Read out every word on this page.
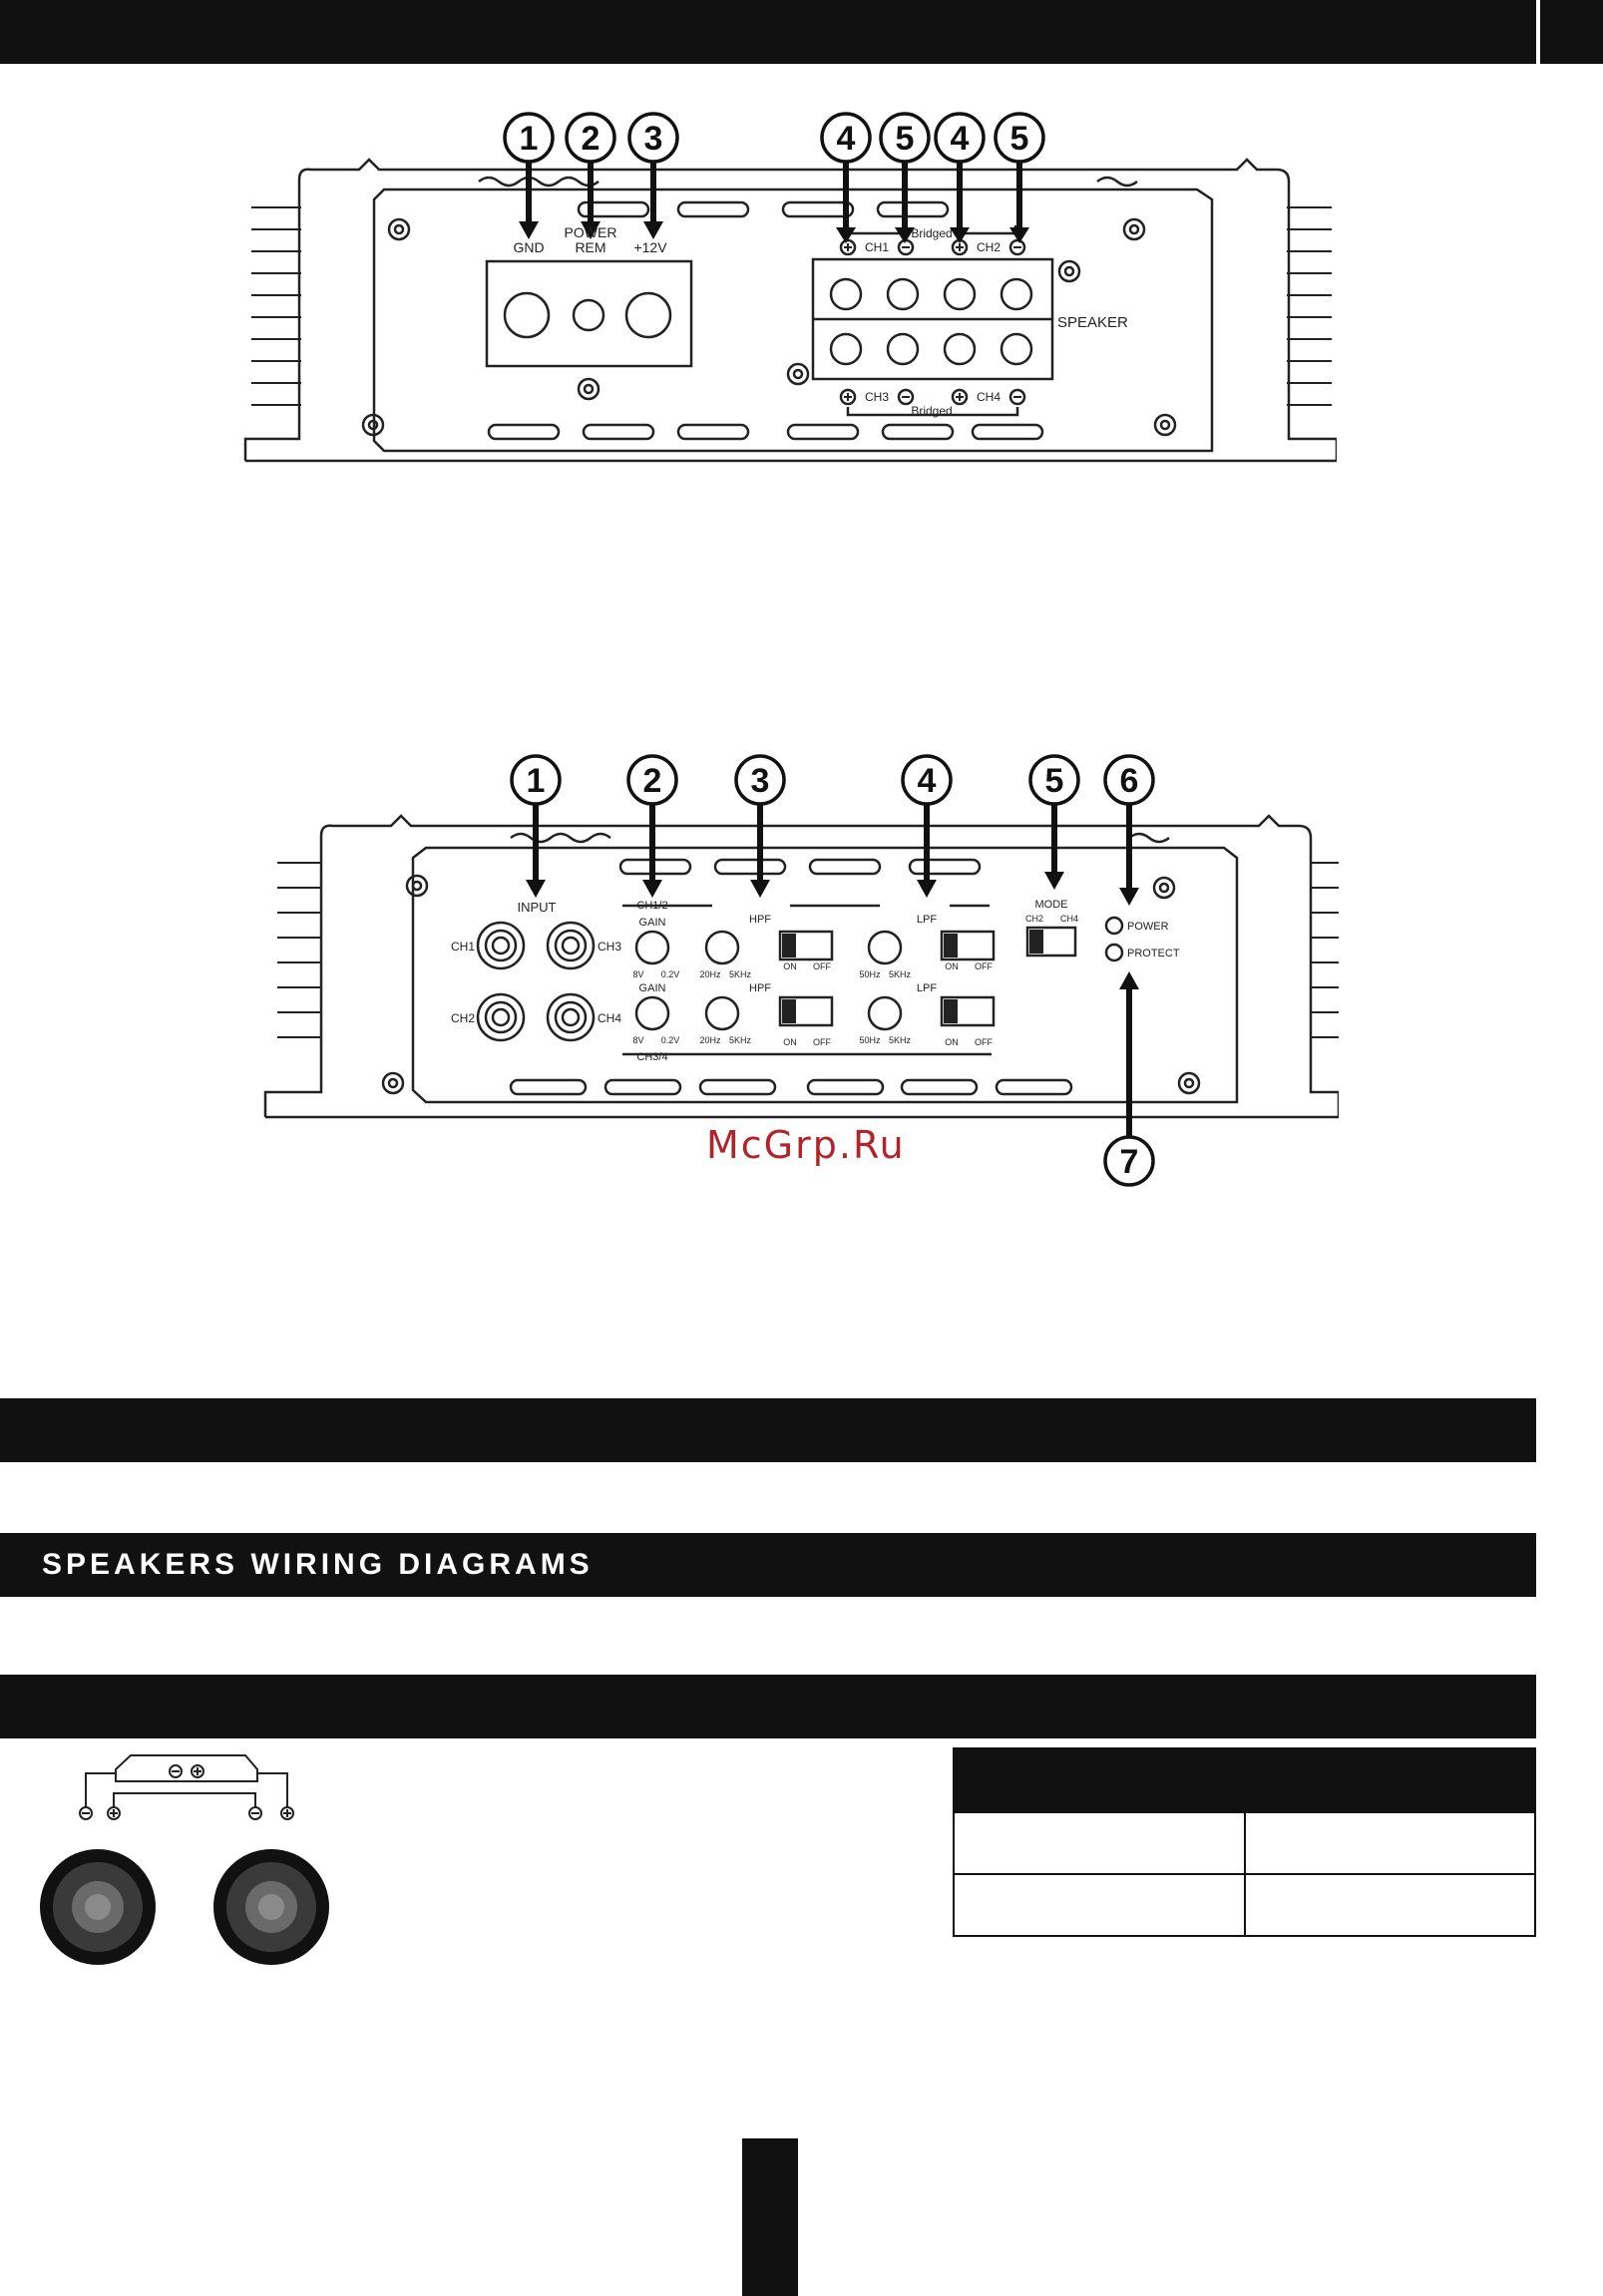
1 2 3	4 5 4 5
GND
POWER
REM +12V	CH1	CH2
Bridged
CH3	CH4
Bridged
SPEAKER
1	2	3	4	5 6
7
INPUT
CH1
CH2
CH3
CH4
CH1/2
CH3/4
GAIN
GAIN
HPF
HPF
LPF
LPF
8V 0.2V 20Hz 5KHz	50Hz 5KHz
8V 0.2V 20Hz 5KHz	50Hz 5KHz
ON OFF
ON OFF
ON OFF
ON OFF
MODE
CH2 CH4
POWER
PROTECT
McGrp.Ru
SPEAKERS WIRING DIAGRAMS
